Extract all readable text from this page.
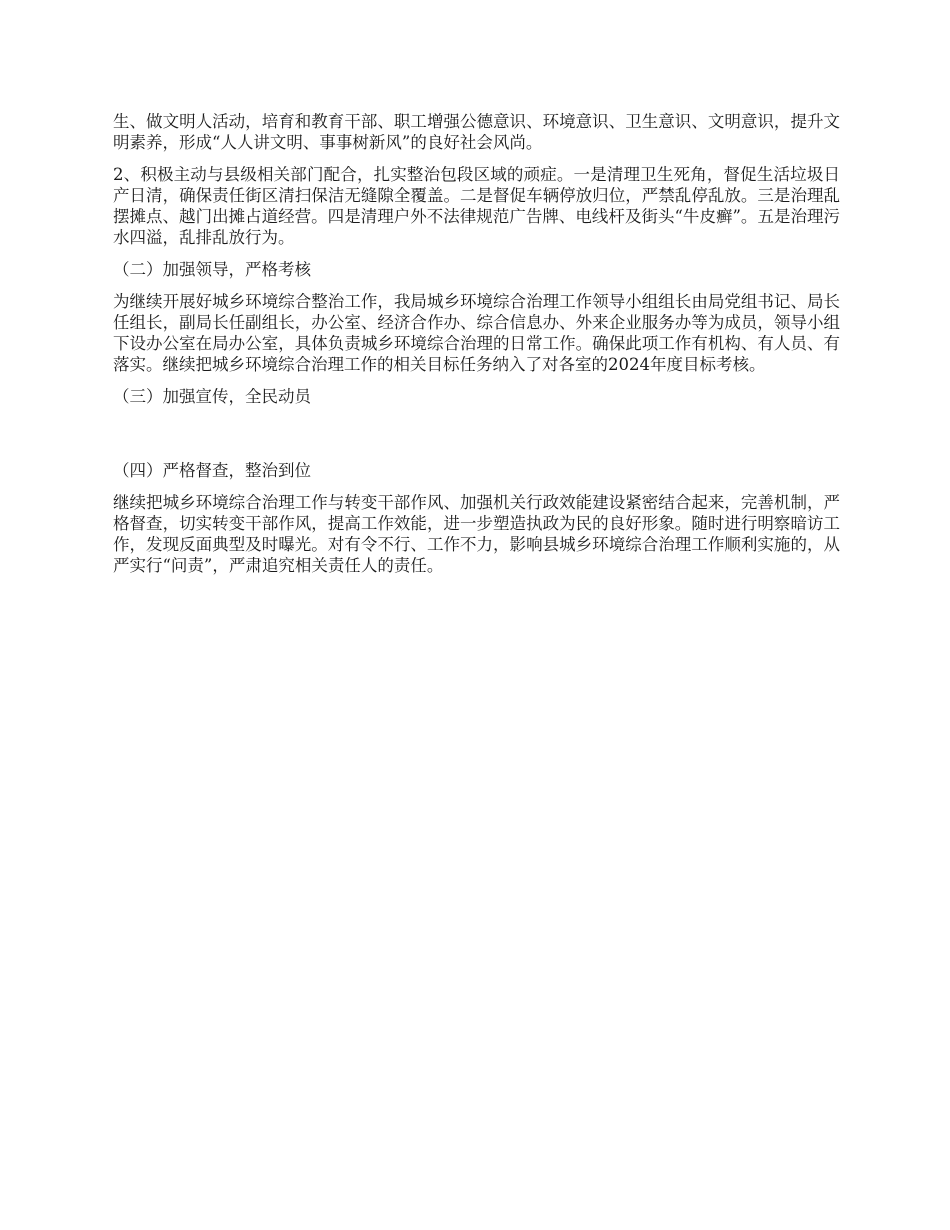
生、做文明人活动，培育和教育干部、职工增强公德意识、环境意识、卫生意识、文明意识，提升文明素养，形成“人人讲文明、事事树新风”的良好社会风尚。

2、积极主动与县级相关部门配合，扎实整治包段区域的顽症。一是清理卫生死角，督促生活垃圾日产日清，确保责任街区清扫保洁无缝隙全覆盖。二是督促车辆停放归位，严禁乱停乱放。三是治理乱摆摊点、越门出摊占道经营。四是清理户外不法律规范广告牌、电线杆及街头“牛皮癣”。五是治理污水四溢，乱排乱放行为。

（二）加强领导，严格考核

为继续开展好城乡环境综合整治工作，我局城乡环境综合治理工作领导小组组长由局党组书记、局长任组长，副局长任副组长，办公室、经济合作办、综合信息办、外来企业服务办等为成员，领导小组下设办公室在局办公室，具体负责城乡环境综合治理的日常工作。确保此项工作有机构、有人员、有落实。继续把城乡环境综合治理工作的相关目标任务纳入了对各室的2024年度目标考核。

（三）加强宣传，全民动员

（四）严格督查，整治到位

继续把城乡环境综合治理工作与转变干部作风、加强机关行政效能建设紧密结合起来，完善机制，严格督查，切实转变干部作风，提高工作效能，进一步塑造执政为民的良好形象。随时进行明察暗访工作，发现反面典型及时曝光。对有令不行、工作不力，影响县城乡环境综合治理工作顺利实施的，从严实行“问责”，严肃追究相关责任人的责任。
